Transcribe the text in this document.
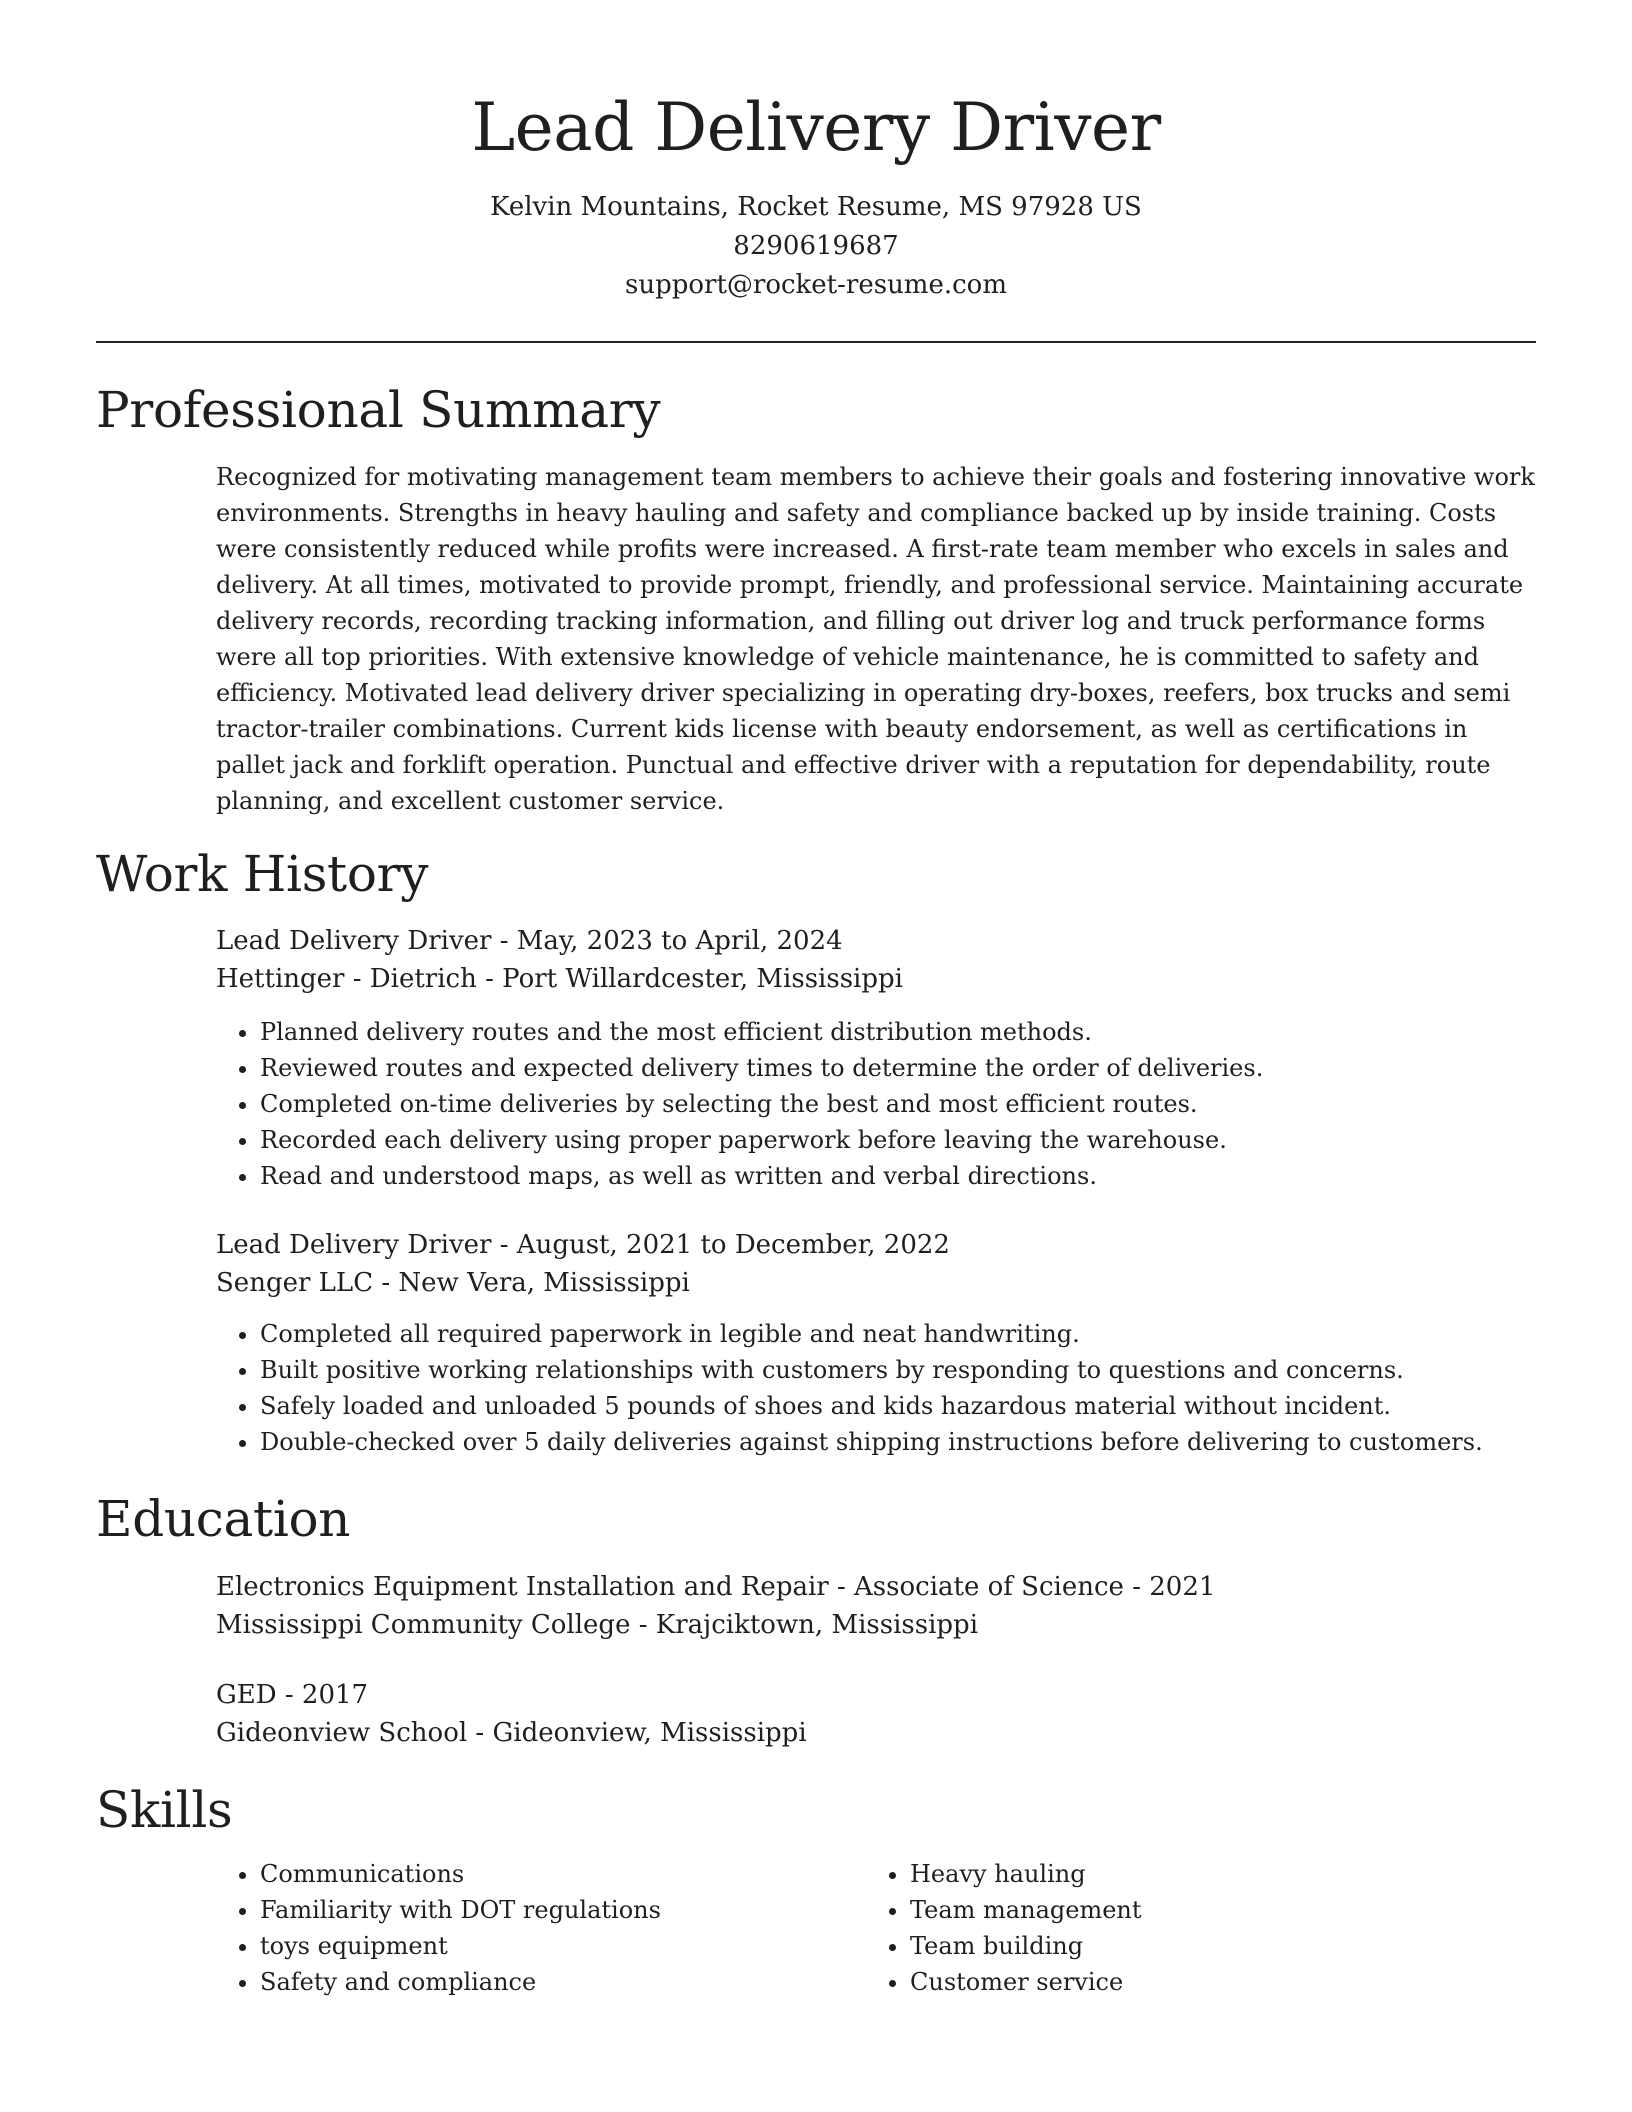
Lead Delivery Driver
Kelvin Mountains, Rocket Resume, MS 97928 US
8290619687
support@rocket-resume.com
Professional Summary

Recognized for motivating management team members to achieve their goals and fostering innovative work environments. Strengths in heavy hauling and safety and compliance backed up by inside training. Costs were consistently reduced while profits were increased. A first-rate team member who excels in sales and delivery. At all times, motivated to provide prompt, friendly, and professional service. Maintaining accurate delivery records, recording tracking information, and filling out driver log and truck performance forms were all top priorities. With extensive knowledge of vehicle maintenance, he is committed to safety and efficiency. Motivated lead delivery driver specializing in operating dry-boxes, reefers, box trucks and semi tractor-trailer combinations. Current kids license with beauty endorsement, as well as certifications in pallet jack and forklift operation. Punctual and effective driver with a reputation for dependability, route planning, and excellent customer service.

Work History

Lead Delivery Driver - May, 2023 to April, 2024

Hettinger - Dietrich - Port Willardcester, Mississippi

• Planned delivery routes and the most efficient distribution methods.
• Reviewed routes and expected delivery times to determine the order of deliveries.
• Completed on-time deliveries by selecting the best and most efficient routes.
• Recorded each delivery using proper paperwork before leaving the warehouse.
• Read and understood maps, as well as written and verbal directions.

Lead Delivery Driver - August, 2021 to December, 2022

Senger LLC - New Vera, Mississippi

• Completed all required paperwork in legible and neat handwriting.
• Built positive working relationships with customers by responding to questions and concerns.
• Safely loaded and unloaded 5 pounds of shoes and kids hazardous material without incident.
• Double-checked over 5 daily deliveries against shipping instructions before delivering to customers.
Education

Electronics Equipment Installation and Repair - Associate of Science - 2021

Mississippi Community College - Krajciktown, Mississippi

GED - 2017

Gideonview School - Gideonview, Mississippi

Skills
• Communications
• Familiarity with DOT regulations
• toys equipment
• Safety and compliance
• Heavy hauling
• Team management
• Team building
• Customer service
